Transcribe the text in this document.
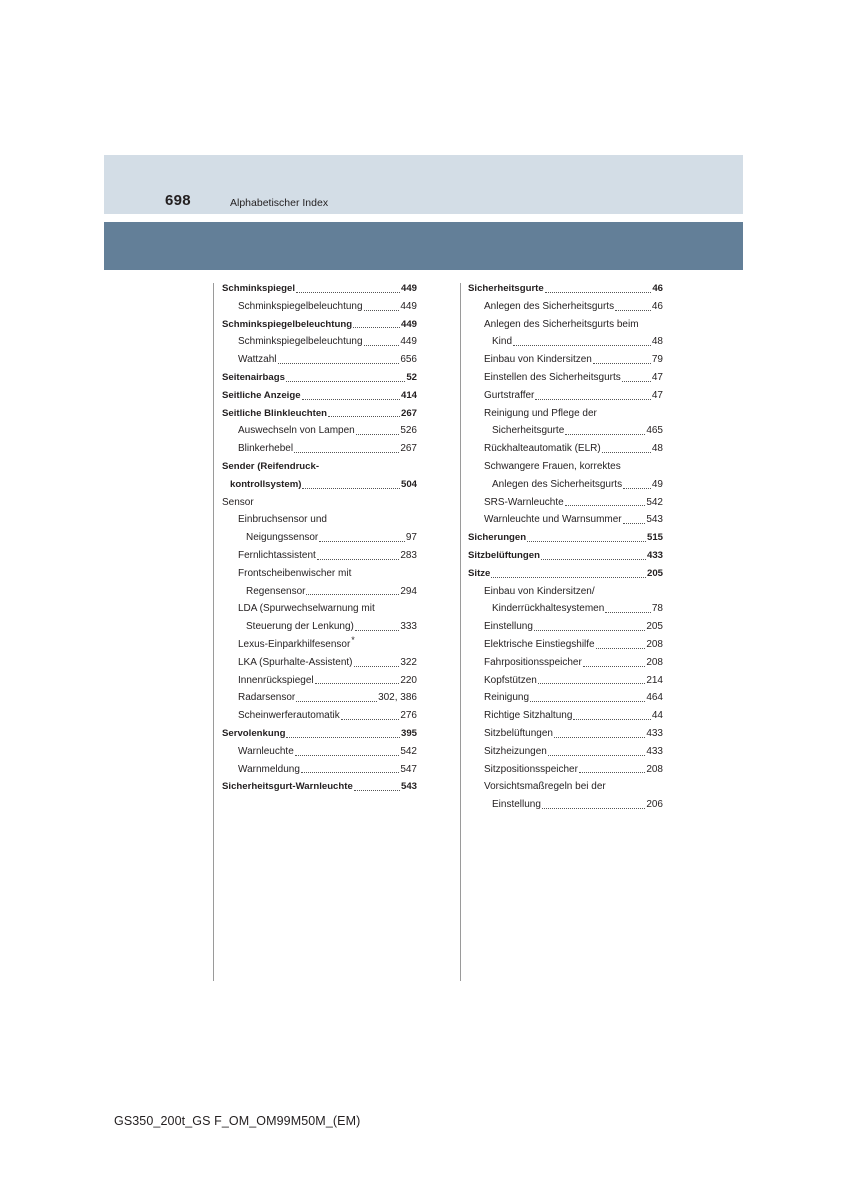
698	Alphabetischer Index
Schminkspiegel	449
Schminkspiegelbeleuchtung	449
Schminkspiegelbeleuchtung	449
Schminkspiegelbeleuchtung	449
Wattzahl	656
Seitenairbags	52
Seitliche Anzeige	414
Seitliche Blinkleuchten	267
Auswechseln von Lampen	526
Blinkerhebel	267
Sender (Reifendruck-
kontrollsystem)	504
Sensor
Einbruchsensor und
Neigungssensor	97
Fernlichtassistent	283
Frontscheibenwischer mit
Regensensor	294
LDA (Spurwechselwarnung mit
Steuerung der Lenkung)	333
Lexus-Einparkhilfesensor*
LKA (Spurhalte-Assistent)	322
Innenrückspiegel	220
Radarsensor	302, 386
Scheinwerferautomatik	276
Servolenkung	395
Warnleuchte	542
Warnmeldung	547
Sicherheitsgurt-Warnleuchte	543
Sicherheitsgurte	46
Anlegen des Sicherheitsgurts	46
Anlegen des Sicherheitsgurts beim
Kind	48
Einbau von Kindersitzen	79
Einstellen des Sicherheitsgurts	47
Gurtstraffer	47
Reinigung und Pflege der
Sicherheitsgurte	465
Rückhalteautomatik (ELR)	48
Schwangere Frauen, korrektes
Anlegen des Sicherheitsgurts	49
SRS-Warnleuchte	542
Warnleuchte und Warnsummer 543
Sicherungen	515
Sitzbelüftungen	433
Sitze	205
Einbau von Kindersitzen/
Kinderrückhaltesystemen	78
Einstellung	205
Elektrische Einstiegshilfe	208
Fahrpositionsspeicher	208
Kopfstützen	214
Reinigung	464
Richtige Sitzhaltung	44
Sitzbelüftungen	433
Sitzheizungen	433
Sitzpositionsspeicher	208
Vorsichtsmaßregeln bei der
Einstellung	206
GS350_200t_GS F_OM_OM99M50M_(EM)
